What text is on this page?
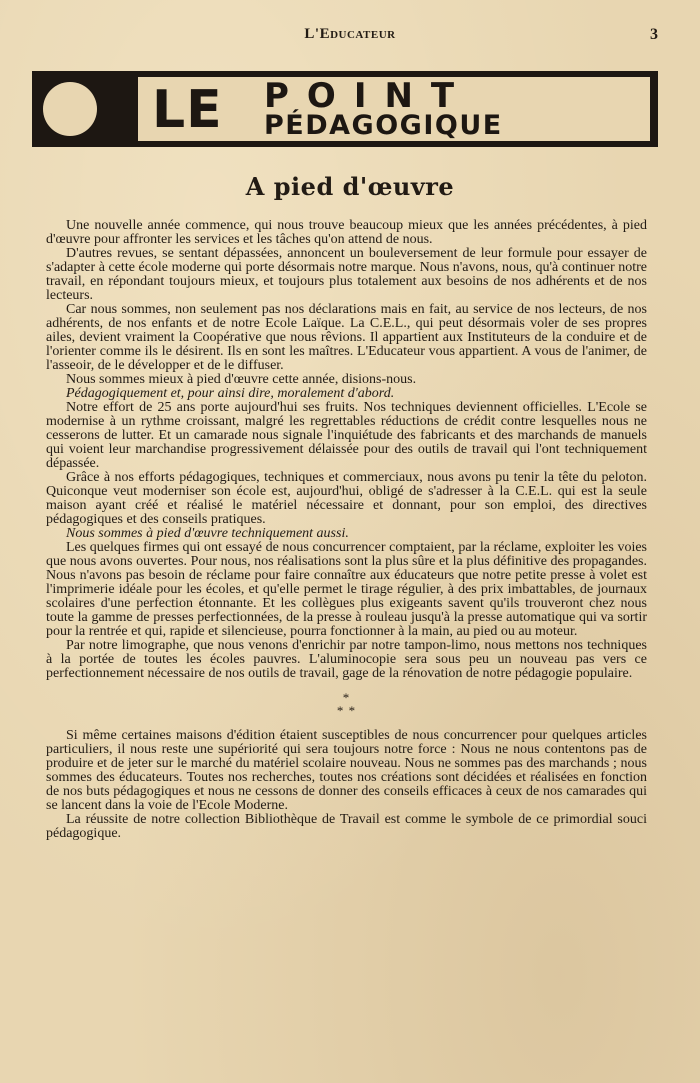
L'Educateur	3
LE POINT
PÉDAGOGIQUE
A pied d'œuvre

Une nouvelle année commence, qui nous trouve beaucoup mieux que les années précédentes, à pied d'œuvre pour affronter les services et les tâches qu'on attend de nous.

D'autres revues, se sentant dépassées, annoncent un bouleversement de leur formule pour essayer de s'adapter à cette école moderne qui porte désormais notre marque. Nous n'avons, nous, qu'à continuer notre travail, en répondant toujours mieux, et toujours plus totalement aux besoins de nos adhérents et de nos lecteurs.

Car nous sommes, non seulement pas nos déclarations mais en fait, au service de nos lecteurs, de nos adhérents, de nos enfants et de notre Ecole Laïque. La C.E.L., qui peut désormais voler de ses propres ailes, devient vraiment la Coopérative que nous rêvions. Il appartient aux Instituteurs de la conduire et de l'orienter comme ils le désirent. Ils en sont les maîtres. L'Educateur vous appartient. A vous de l'animer, de l'asseoir, de le développer et de le diffuser.

Nous sommes mieux à pied d'œuvre cette année, disions-nous.

Pédagogiquement et, pour ainsi dire, moralement d'abord.

Notre effort de 25 ans porte aujourd'hui ses fruits. Nos techniques deviennent officielles. L'Ecole se modernise à un rythme croissant, malgré les regrettables réductions de crédit contre lesquelles nous ne cesserons de lutter. Et un camarade nous signale l'inquiétude des fabricants et des marchands de manuels qui voient leur marchandise progressivement délaissée pour des outils de travail qui l'ont techniquement dépassée.

Grâce à nos efforts pédagogiques, techniques et commerciaux, nous avons pu tenir la tête du peloton. Quiconque veut moderniser son école est, aujourd'hui, obligé de s'adresser à la C.E.L. qui est la seule maison ayant créé et réalisé le matériel nécessaire et donnant, pour son emploi, des directives pédagogiques et des conseils pratiques.

Nous sommes à pied d'œuvre techniquement aussi.

Les quelques firmes qui ont essayé de nous concurrencer comptaient, par la réclame, exploiter les voies que nous avons ouvertes. Pour nous, nos réalisations sont la plus sûre et la plus définitive des propagandes. Nous n'avons pas besoin de réclame pour faire connaître aux éducateurs que notre petite presse à volet est l'imprimerie idéale pour les écoles, et qu'elle permet le tirage régulier, à des prix imbattables, de journaux scolaires d'une perfection étonnante. Et les collègues plus exigeants savent qu'ils trouveront chez nous toute la gamme de presses perfectionnées, de la presse à rouleau jusqu'à la presse automatique qui va sortir pour la rentrée et qui, rapide et silencieuse, pourra fonctionner à la main, au pied ou au moteur.

Par notre limographe, que nous venons d'enrichir par notre tampon-limo, nous mettons nos techniques à la portée de toutes les écoles pauvres. L'aluminocopie sera sous peu un nouveau pas vers ce perfectionnement nécessaire de nos outils de travail, gage de la rénovation de notre pédagogie populaire.

*
* *

Si même certaines maisons d'édition étaient susceptibles de nous concurrencer pour quelques articles particuliers, il nous reste une supériorité qui sera toujours notre force : Nous ne nous contentons pas de produire et de jeter sur le marché du matériel scolaire nouveau. Nous ne sommes pas des marchands ; nous sommes des éducateurs. Toutes nos recherches, toutes nos créations sont décidées et réalisées en fonction de nos buts pédagogiques et nous ne cessons de donner des conseils efficaces à ceux de nos camarades qui se lancent dans la voie de l'Ecole Moderne.

La réussite de notre collection Bibliothèque de Travail est comme le symbole de ce primordial souci pédagogique.
